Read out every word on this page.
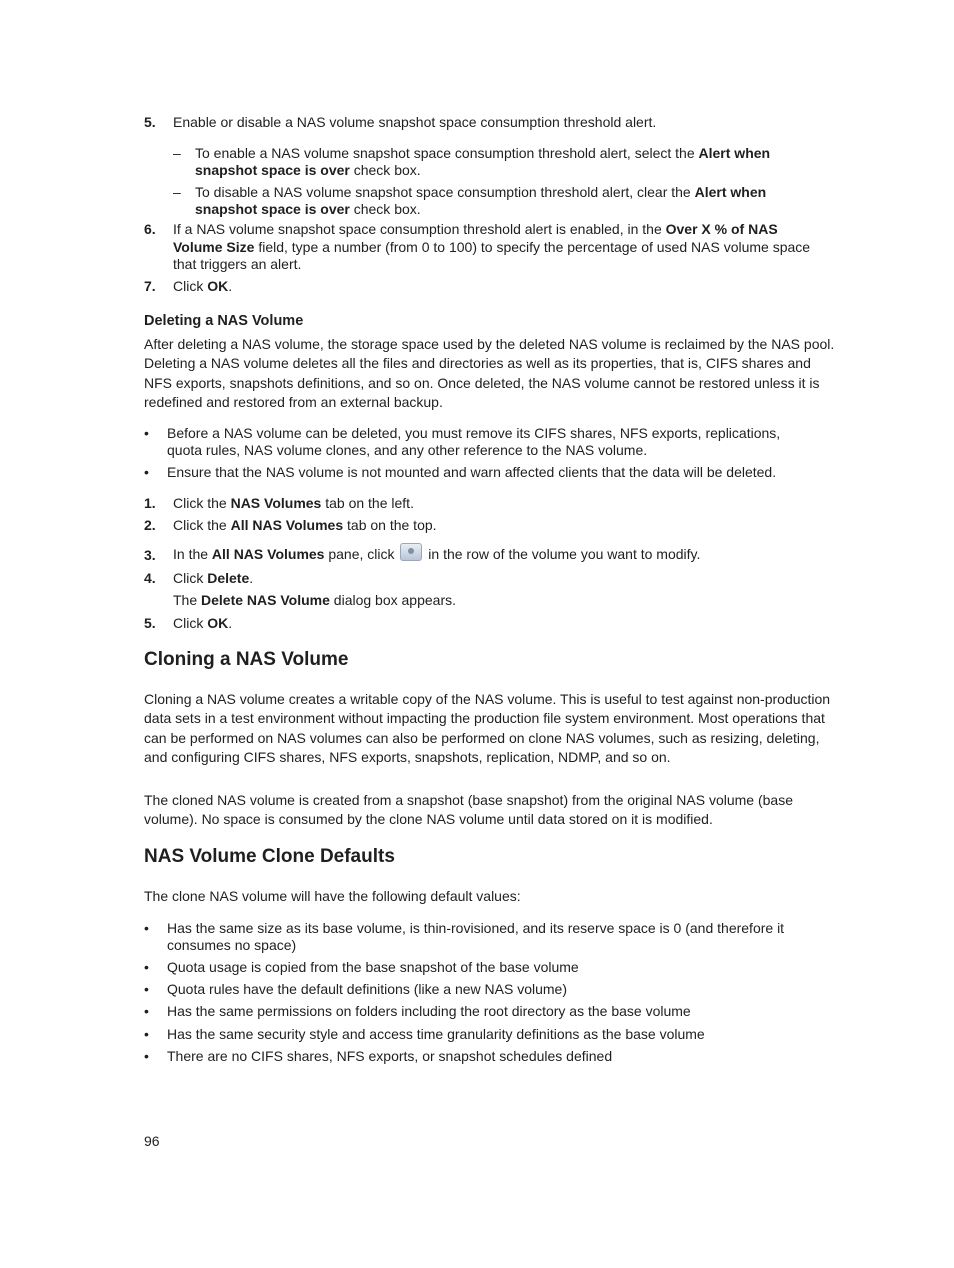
5. Enable or disable a NAS volume snapshot space consumption threshold alert.
– To enable a NAS volume snapshot space consumption threshold alert, select the Alert when snapshot space is over check box.
– To disable a NAS volume snapshot space consumption threshold alert, clear the Alert when snapshot space is over check box.
6. If a NAS volume snapshot space consumption threshold alert is enabled, in the Over X % of NAS Volume Size field, type a number (from 0 to 100) to specify the percentage of used NAS volume space that triggers an alert.
7. Click OK.
Deleting a NAS Volume
After deleting a NAS volume, the storage space used by the deleted NAS volume is reclaimed by the NAS pool. Deleting a NAS volume deletes all the files and directories as well as its properties, that is, CIFS shares and NFS exports, snapshots definitions, and so on. Once deleted, the NAS volume cannot be restored unless it is redefined and restored from an external backup.
• Before a NAS volume can be deleted, you must remove its CIFS shares, NFS exports, replications, quota rules, NAS volume clones, and any other reference to the NAS volume.
• Ensure that the NAS volume is not mounted and warn affected clients that the data will be deleted.
1. Click the NAS Volumes tab on the left.
2. Click the All NAS Volumes tab on the top.
3. In the All NAS Volumes pane, click  in the row of the volume you want to modify.
4. Click Delete.
The Delete NAS Volume dialog box appears.
5. Click OK.
Cloning a NAS Volume
Cloning a NAS volume creates a writable copy of the NAS volume. This is useful to test against non-production data sets in a test environment without impacting the production file system environment. Most operations that can be performed on NAS volumes can also be performed on clone NAS volumes, such as resizing, deleting, and configuring CIFS shares, NFS exports, snapshots, replication, NDMP, and so on.
The cloned NAS volume is created from a snapshot (base snapshot) from the original NAS volume (base volume). No space is consumed by the clone NAS volume until data stored on it is modified.
NAS Volume Clone Defaults
The clone NAS volume will have the following default values:
• Has the same size as its base volume, is thin-rovisioned, and its reserve space is 0 (and therefore it consumes no space)
• Quota usage is copied from the base snapshot of the base volume
• Quota rules have the default definitions (like a new NAS volume)
• Has the same permissions on folders including the root directory as the base volume
• Has the same security style and access time granularity definitions as the base volume
• There are no CIFS shares, NFS exports, or snapshot schedules defined
96
